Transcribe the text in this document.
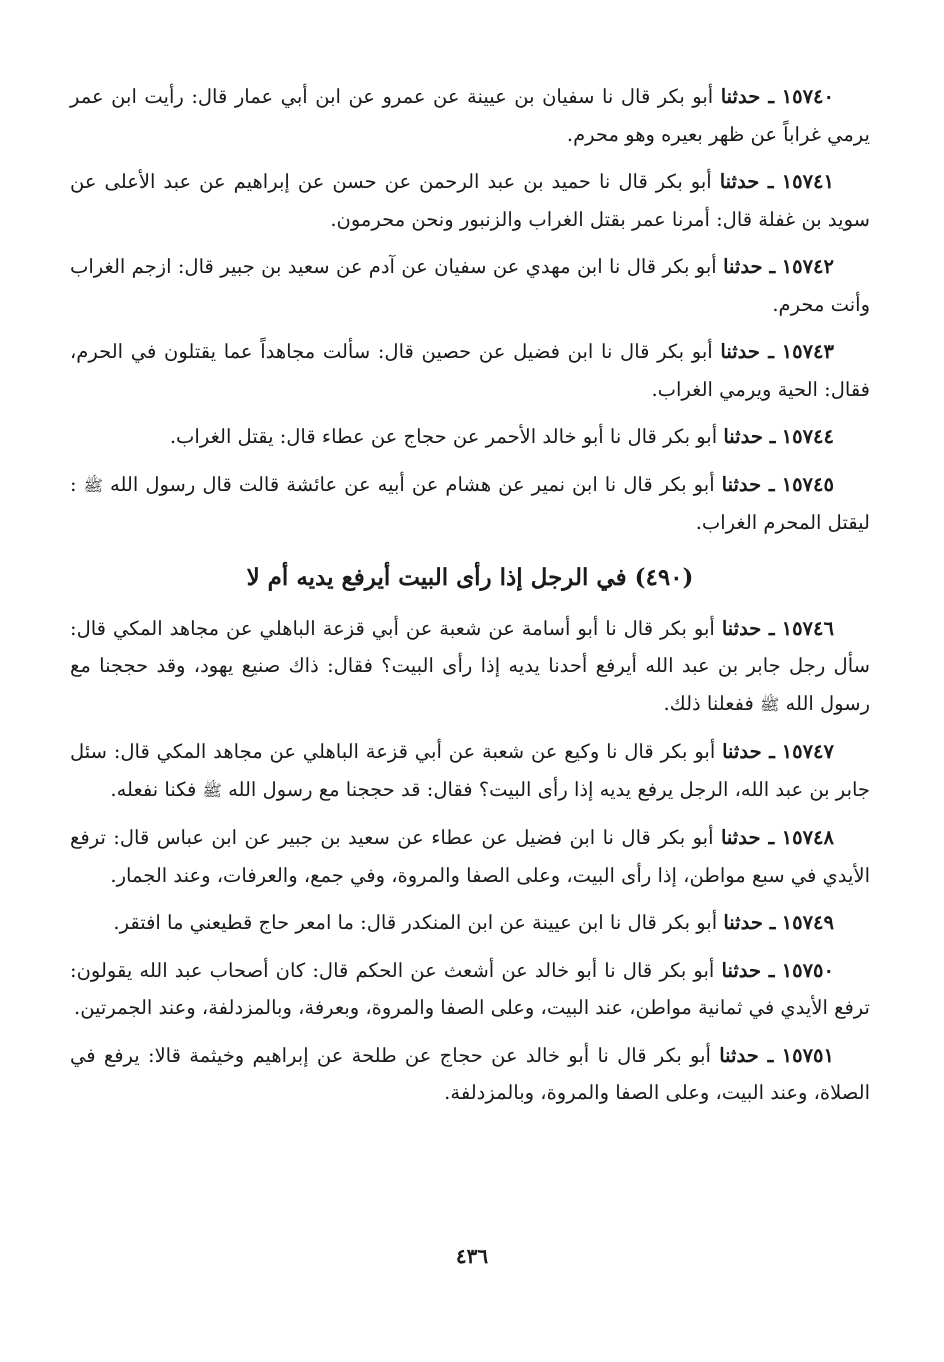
١٥٧٤٠ ـ حدثنا أبو بكر قال نا سفيان بن عيينة عن عمرو عن ابن أبي عمار قال: رأيت ابن عمر يرمي غراباً عن ظهر بعيره وهو محرم.

١٥٧٤١ ـ حدثنا أبو بكر قال نا حميد بن عبد الرحمن عن حسن عن إبراهيم عن عبد الأعلى عن سويد بن غفلة قال: أمرنا عمر بقتل الغراب والزنبور ونحن محرمون.

١٥٧٤٢ ـ حدثنا أبو بكر قال نا ابن مهدي عن سفيان عن آدم عن سعيد بن جبير قال: ازجم الغراب وأنت محرم.

١٥٧٤٣ ـ حدثنا أبو بكر قال نا ابن فضيل عن حصين قال: سألت مجاهداً عما يقتلون في الحرم، فقال: الحية ويرمي الغراب.

١٥٧٤٤ ـ حدثنا أبو بكر قال نا أبو خالد الأحمر عن حجاج عن عطاء قال: يقتل الغراب.

١٥٧٤٥ ـ حدثنا أبو بكر قال نا ابن نمير عن هشام عن أبيه عن عائشة قالت قال رسول الله ﷺ : ليقتل المحرم الغراب.

(٤٩٠) في الرجل إذا رأى البيت أيرفع يديه أم لا

١٥٧٤٦ ـ حدثنا أبو بكر قال نا أبو أسامة عن شعبة عن أبي قزعة الباهلي عن مجاهد المكي قال: سأل رجل جابر بن عبد الله أيرفع أحدنا يديه إذا رأى البيت؟ فقال: ذاك صنيع يهود، وقد حججنا مع رسول الله ﷺ ففعلنا ذلك.

١٥٧٤٧ ـ حدثنا أبو بكر قال نا وكيع عن شعبة عن أبي قزعة الباهلي عن مجاهد المكي قال: سئل جابر بن عبد الله، الرجل يرفع يديه إذا رأى البيت؟ فقال: قد حججنا مع رسول الله ﷺ فكنا نفعله.

١٥٧٤٨ ـ حدثنا أبو بكر قال نا ابن فضيل عن عطاء عن سعيد بن جبير عن ابن عباس قال: ترفع الأيدي في سبع مواطن، إذا رأى البيت، وعلى الصفا والمروة، وفي جمع، والعرفات، وعند الجمار.

١٥٧٤٩ ـ حدثنا أبو بكر قال نا ابن عيينة عن ابن المنكدر قال: ما امعر حاج قطيعني ما افتقر.

١٥٧٥٠ ـ حدثنا أبو بكر قال نا أبو خالد عن أشعث عن الحكم قال: كان أصحاب عبد الله يقولون: ترفع الأيدي في ثمانية مواطن، عند البيت، وعلى الصفا والمروة، وبعرفة، وبالمزدلفة، وعند الجمرتين.

١٥٧٥١ ـ حدثنا أبو بكر قال نا أبو خالد عن حجاج عن طلحة عن إبراهيم وخيثمة قالا: يرفع في الصلاة، وعند البيت، وعلى الصفا والمروة، وبالمزدلفة.

٤٣٦
